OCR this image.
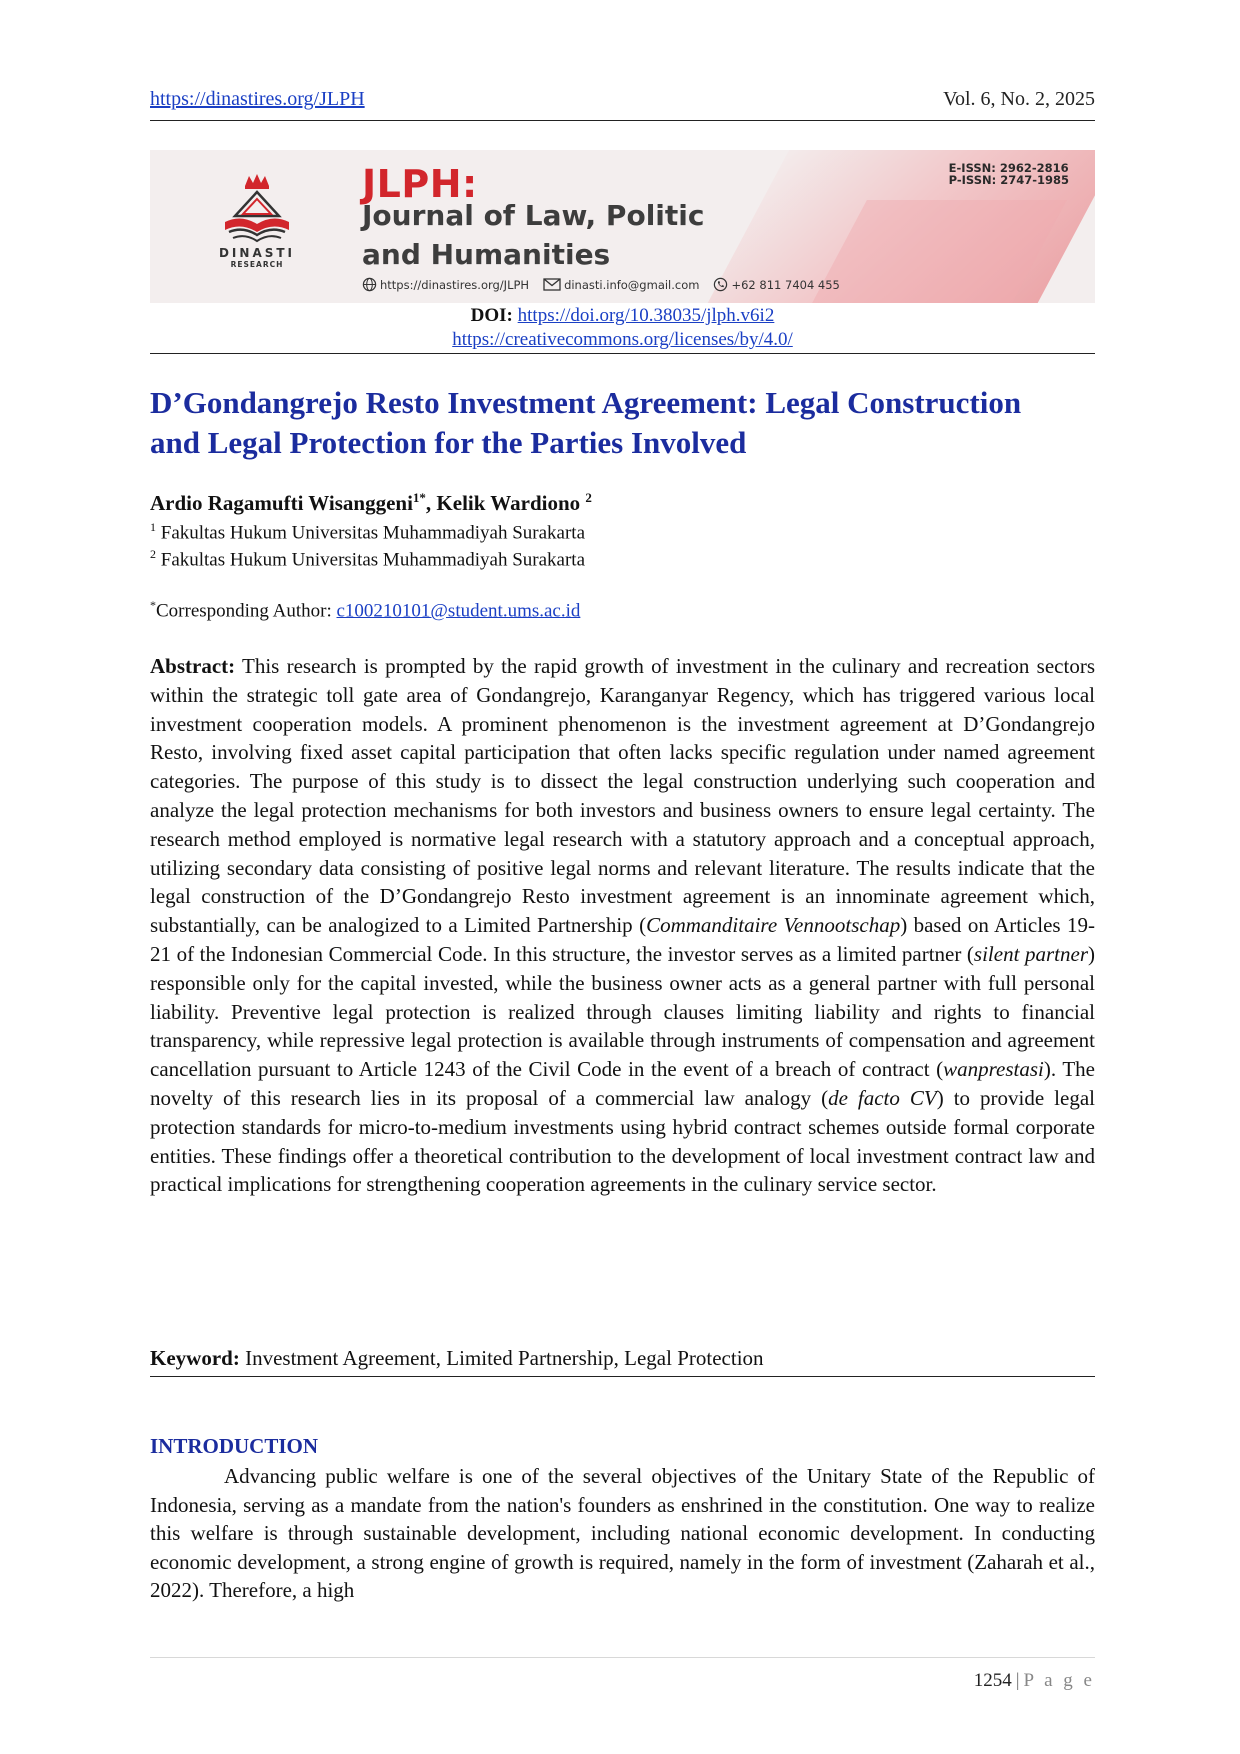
https://dinastires.org/JLPH	Vol. 6, No. 2, 2025
DINASTI
RESEARCH
JLPH:
Journal of Law, Politic
and Humanities
https://dinastires.org/JLPH	dinasti.info@gmail.com	+62 811 7404 455
E-ISSN: 2962-2816
P-ISSN: 2747-1985
DOI: https://doi.org/10.38035/jlph.v6i2
https://creativecommons.org/licenses/by/4.0/
D’Gondangrejo Resto Investment Agreement: Legal Construction
and Legal Protection for the Parties Involved
Ardio Ragamufti Wisanggeni$^{1*}$, Kelik Wardiono $^2$
$^1$ Fakultas Hukum Universitas Muhammadiyah Surakarta
$^2$ Fakultas Hukum Universitas Muhammadiyah Surakarta
*Corresponding Author: c100210101@student.ums.ac.id
Abstract: This research is prompted by the rapid growth of investment in the culinary and recreation sectors within the strategic toll gate area of Gondangrejo, Karanganyar Regency, which has triggered various local investment cooperation models. A prominent phenomenon is the investment agreement at D’Gondangrejo Resto, involving fixed asset capital participation that often lacks specific regulation under named agreement categories. The purpose of this study is to dissect the legal construction underlying such cooperation and analyze the legal protection mechanisms for both investors and business owners to ensure legal certainty. The research method employed is normative legal research with a statutory approach and a conceptual approach, utilizing secondary data consisting of positive legal norms and relevant literature. The results indicate that the legal construction of the D’Gondangrejo Resto investment agreement is an innominate agreement which, substantially, can be analogized to a Limited Partnership (Commanditaire Vennootschap) based on Articles 19-21 of the Indonesian Commercial Code. In this structure, the investor serves as a limited partner (silent partner) responsible only for the capital invested, while the business owner acts as a general partner with full personal liability. Preventive legal protection is realized through clauses limiting liability and rights to financial transparency, while repressive legal protection is available through instruments of compensation and agreement cancellation pursuant to Article 1243 of the Civil Code in the event of a breach of contract (wanprestasi). The novelty of this research lies in its proposal of a commercial law analogy (de facto CV) to provide legal protection standards for micro-to-medium investments using hybrid contract schemes outside formal corporate entities. These findings offer a theoretical contribution to the development of local investment contract law and practical implications for strengthening cooperation agreements in the culinary service sector.
Keyword: Investment Agreement, Limited Partnership, Legal Protection
INTRODUCTION
Advancing public welfare is one of the several objectives of the Unitary State of the Republic of Indonesia, serving as a mandate from the nation's founders as enshrined in the constitution. One way to realize this welfare is through sustainable development, including national economic development. In conducting economic development, a strong engine of growth is required, namely in the form of investment (Zaharah et al., 2022). Therefore, a high
1254 | P a g e
